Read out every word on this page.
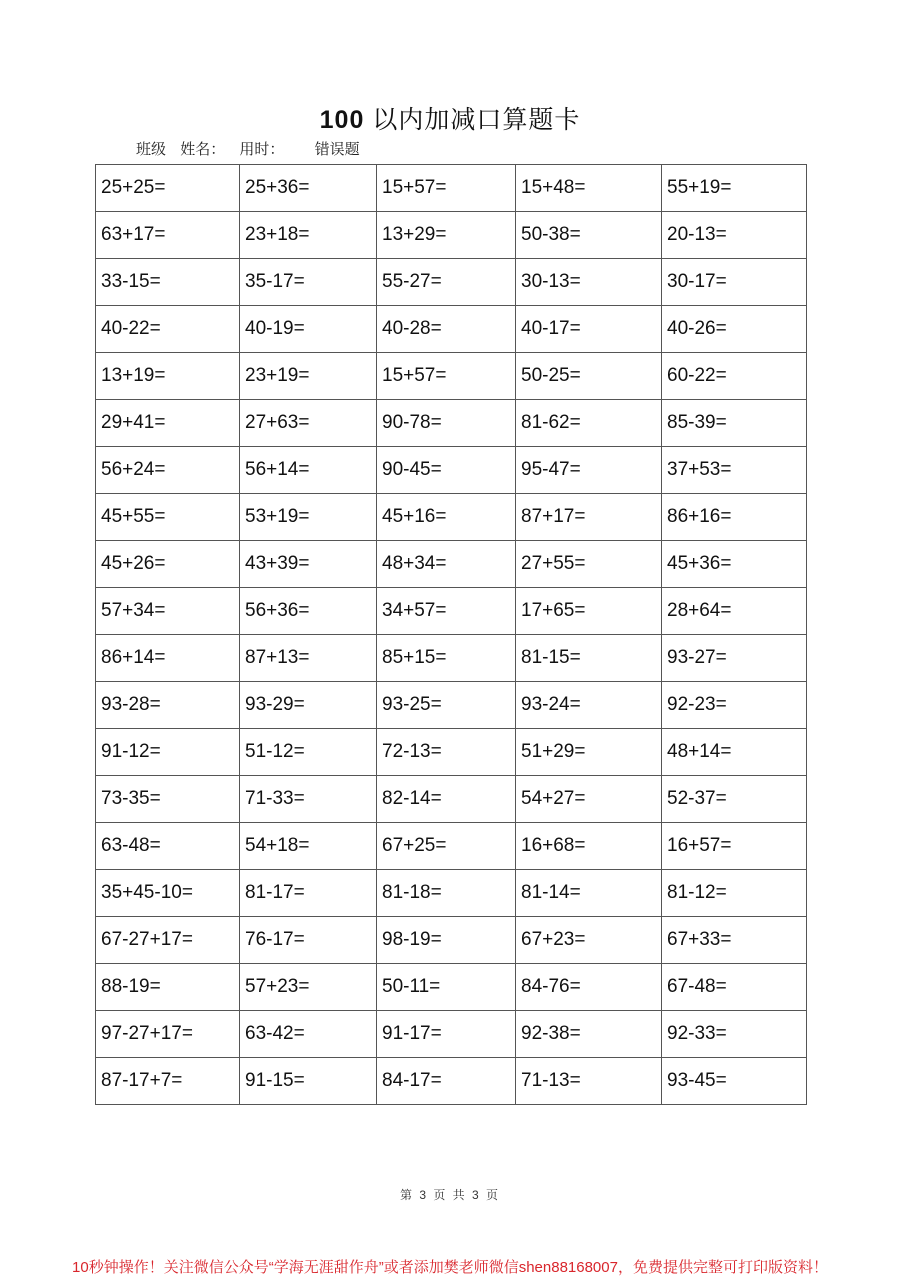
100 以内加减口算题卡
班级 姓名： 用时： 错误题
25+25=	25+36=	15+57=	15+48=	55+19=
63+17=	23+18=	13+29=	50-38=	20-13=
33-15=	35-17=	55-27=	30-13=	30-17=
40-22=	40-19=	40-28=	40-17=	40-26=
13+19=	23+19=	15+57=	50-25=	60-22=
29+41=	27+63=	90-78=	81-62=	85-39=
56+24=	56+14=	90-45=	95-47=	37+53=
45+55=	53+19=	45+16=	87+17=	86+16=
45+26=	43+39=	48+34=	27+55=	45+36=
57+34=	56+36=	34+57=	17+65=	28+64=
86+14=	87+13=	85+15=	81-15=	93-27=
93-28=	93-29=	93-25=	93-24=	92-23=
91-12=	51-12=	72-13=	51+29=	48+14=
73-35=	71-33=	82-14=	54+27=	52-37=
63-48=	54+18=	67+25=	16+68=	16+57=
35+45-10=	81-17=	81-18=	81-14=	81-12=
67-27+17=	76-17=	98-19=	67+23=	67+33=
88-19=	57+23=	50-11=	84-76=	67-48=
97-27+17=	63-42=	91-17=	92-38=	92-33=
87-17+7=	91-15=	84-17=	71-13=	93-45=
第 3 页 共 3 页
10秒钟操作！关注微信公众号“学海无涯甜作舟”或者添加樊老师微信shen88168007，免费提供完整可打印版资料！
